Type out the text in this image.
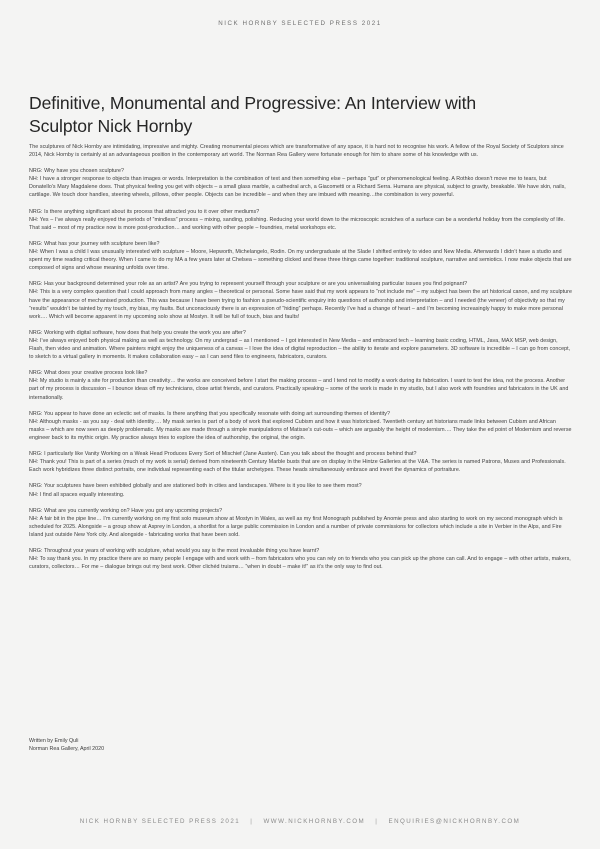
NICK HORNBY SELECTED PRESS 2021
Definitive, Monumental and Progressive: An Interview with Sculptor Nick Hornby

The sculptures of Nick Hornby are intimidating, impressive and mighty. Creating monumental pieces which are transformative of any space, it is hard not to recognise his work. A fellow of the Royal Society of Sculptors since 2014, Nick Hornby is certainly at an advantageous position in the contemporary art world. The Norman Rea Gallery were fortunate enough for him to share some of his knowledge with us.

NRG: Why have you chosen sculpture?
NH: I have a stronger response to objects than images or words. Interpretation is the combination of text and then something else – perhaps “gut” or phenomenological feeling. A Rothko doesn’t move me to tears, but Donatello’s Mary Magdalene does. That physical feeling you get with objects – a small glass marble, a cathedral arch, a Giacometti or a Richard Serra. Humans are physical, subject to gravity, breakable. We have skin, nails, cartilage. We touch door handles, steering wheels, pillows, other people. Objects can be incredible – and when they are imbued with meaning…the combination is very powerful.

NRG: Is there anything significant about its process that attracted you to it over other mediums?
NH: Yes – I’ve always really enjoyed the periods of “mindless” process – mixing, sanding, polishing. Reducing your world down to the microscopic scratches of a surface can be a wonderful holiday from the complexity of life. That said – most of my practice now is more post-production… and working with other people – foundries, metal workshops etc.

NRG: What has your journey with sculpture been like?
NH: When I was a child I was unusually interested with sculpture – Moore, Hepworth, Michelangelo, Rodin. On my undergraduate at the Slade I shifted entirely to video and New Media. Afterwards I didn’t have a studio and spent my time reading critical theory. When I came to do my MA a few years later at Chelsea – something clicked and these three things came together: traditional sculpture, narrative and semiotics. I now make objects that are composed of signs and whose meaning unfolds over time.

NRG: Has your background determined your role as an artist? Are you trying to represent yourself through your sculpture or are you universalising particular issues you find poignant?
NH: This is a very complex question that I could approach from many angles – theoretical or personal. Some have said that my work appears to “not include me” – my subject has been the art historical canon, and my sculpture have the appearance of mechanised production. This was because I have been trying to fashion a pseudo-scientific enquiry into questions of authorship and interpretation – and I needed (the veneer) of objectivity so that my “results” wouldn’t be tainted by my touch, my bias, my faults. But unconsciously there is an expression of “hiding” perhaps. Recently I’ve had a change of heart – and I’m becoming increasingly happy to make more personal work…. Which will become apparent in my upcoming solo show at Mostyn. It will be full of touch, bias and faults!

NRG: Working with digital software, how does that help you create the work you are after?
NH: I’ve always enjoyed both physical making as well as technology. On my undergrad – as I mentioned – I got interested in New Media – and embraced tech – learning basic coding, HTML, Java, MAX MSP, web design, Flash, then video and animation. Where painters might enjoy the uniqueness of a canvas – I love the idea of digital reproduction – the ability to iterate and explore parameters. 3D software is incredible – I can go from concept, to sketch to a virtual gallery in moments. It makes collaboration easy – as I can send files to engineers, fabricators, curators.

NRG: What does your creative process look like?
NH: My studio is mainly a site for production than creativity… the works are conceived before I start the making process – and I tend not to modify a work during its fabrication. I want to test the idea, not the process. Another part of my process is discussion – I bounce ideas off my technicians, close artist friends, and curators. Practically speaking – some of the work is made in my studio, but I also work with foundries and fabricators in the UK and internationally.

NRG: You appear to have done an eclectic set of masks. Is there anything that you specifically resonate with doing art surrounding themes of identity?
NH: Although masks - as you say - deal with identity…. My mask series is part of a body of work that explored Cubism and how it was historicised. Twentieth century art historians made links between Cubism and African masks – which are now seen as deeply problematic. My masks are made through a simple manipulations of Matisse’s cut-outs – which are arguably the height of modernism…. They take the ed point of Modernism and reverse engineer back to its mythic origin. My practice always tries to explore the idea of authorship, the original, the origin.

NRG: I particularly like Vanity Working on a Weak Head Produces Every Sort of Mischief (Jane Austen). Can you talk about the thought and process behind that?
NH: Thank you! This is part of a series (much of my work is serial) derived from nineteenth Century Marble busts that are on display in the Hintze Galleries at the V&A. The series is named Patrons, Muses and Professionals. Each work hybridizes three distinct portraits, one individual representing each of the titular archetypes. These heads simultaneously embrace and invert the dynamics of portraiture.

NRG: Your sculptures have been exhibited globally and are stationed both in cities and landscapes. Where is it you like to see them most?
NH: I find all spaces equally interesting.

NRG: What are you currently working on? Have you got any upcoming projects?
NH: A fair bit in the pipe line… I’m currently working on my first solo museum show at Mostyn in Wales, as well as my first Monograph published by Anomie press and also starting to work on my second monograph which is scheduled for 2025. Alongside – a group show at Asprey in London, a shortlist for a large public commission in London and a number of private commissions for collectors which include a site in Verbier in the Alps, and Fire Island just outside New York city. And alongside - fabricating works that have been sold.

NRG: Throughout your years of working with sculpture, what would you say is the most invaluable thing you have learnt?
NH: To say thank you. In my practice there are so many people I engage with and work with – from fabricators who you can rely on to friends who you can pick up the phone can call. And to engage – with other artists, makers, curators, collectors… For me – dialogue brings out my best work. Other clichéd truisms… “when in doubt – make it!” as it’s the only way to find out.

Written by Emily Quli
Norman Rea Gallery, April 2020
NICK HORNBY SELECTED PRESS 2021 | WWW.NICKHORNBY.COM | ENQUIRIES@NICKHORNBY.COM
